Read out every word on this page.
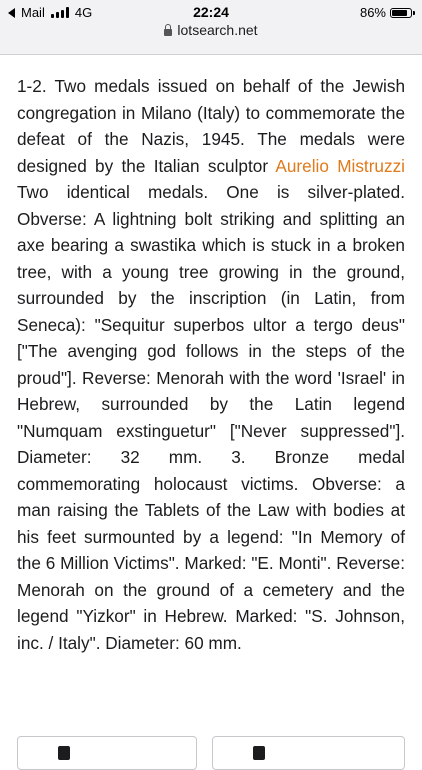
Mail 4G	22:24	86%
lotsearch.net

1-2. Two medals issued on behalf of the Jewish congregation in Milano (Italy) to commemorate the defeat of the Nazis, 1945. The medals were designed by the Italian sculptor Aurelio Mistruzzi Two identical medals. One is silver-plated. Obverse: A lightning bolt striking and splitting an axe bearing a swastika which is stuck in a broken tree, with a young tree growing in the ground, surrounded by the inscription (in Latin, from Seneca): "Sequitur superbos ultor a tergo deus" ["The avenging god follows in the steps of the proud"]. Reverse: Menorah with the word 'Israel' in Hebrew, surrounded by the Latin legend "Numquam exstinguetur" ["Never suppressed"]. Diameter: 32 mm. 3. Bronze medal commemorating holocaust victims. Obverse: a man raising the Tablets of the Law with bodies at his feet surmounted by a legend: "In Memory of the 6 Million Victims". Marked: "E. Monti". Reverse: Menorah on the ground of a cemetery and the legend "Yizkor" in Hebrew. Marked: "S. Johnson, inc. / Italy". Diameter: 60 mm.
